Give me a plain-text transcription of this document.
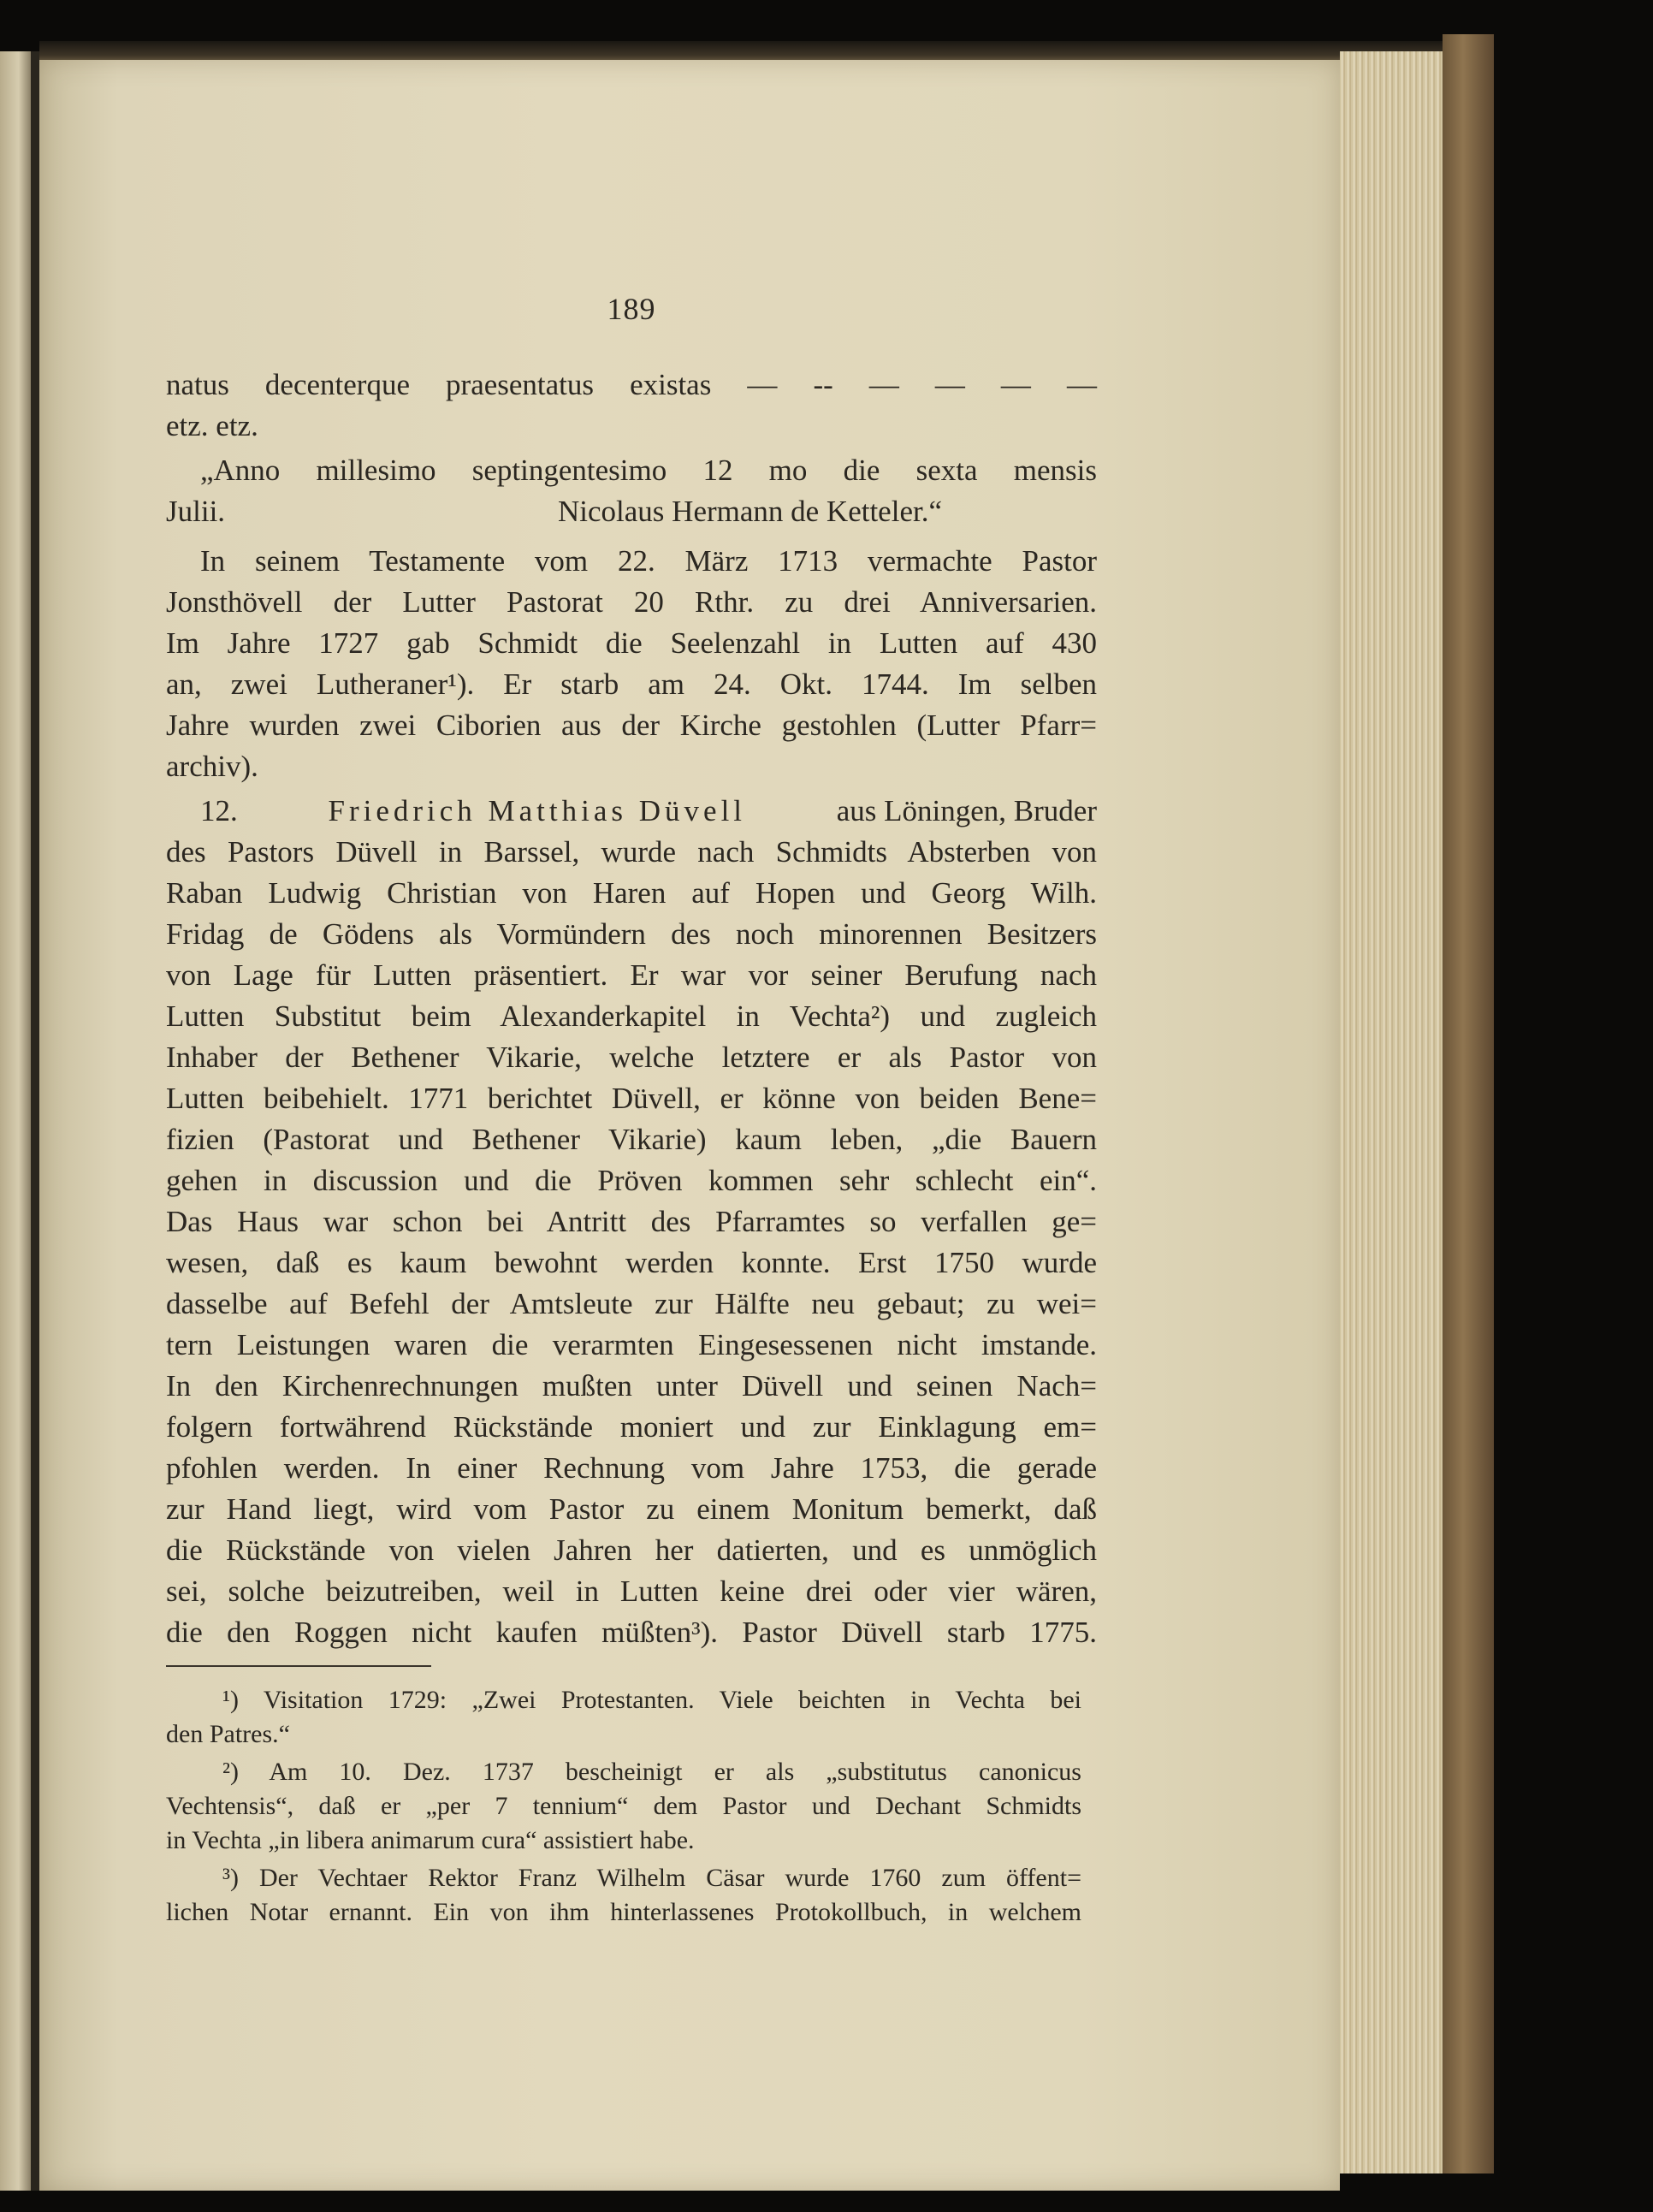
189
natus decenterque praesentatus existas — -- — — — —
etz. etz.
„Anno millesimo septingentesimo 12 mo die sexta mensis
Julii.	Nicolaus Hermann de Ketteler.“
In seinem Testamente vom 22. März 1713 vermachte Pastor
Jonsthövell der Lutter Pastorat 20 Rthr. zu drei Anniversarien.
Im Jahre 1727 gab Schmidt die Seelenzahl in Lutten auf 430
an, zwei Lutheraner¹). Er starb am 24. Okt. 1744. Im selben
Jahre wurden zwei Ciborien aus der Kirche gestohlen (Lutter Pfarr=
archiv).
12.	Friedrich Matthias Düvell	aus Löningen, Bruder
des Pastors Düvell in Barssel, wurde nach Schmidts Absterben von
Raban Ludwig Christian von Haren auf Hopen und Georg Wilh.
Fridag de Gödens als Vormündern des noch minorennen Besitzers
von Lage für Lutten präsentiert. Er war vor seiner Berufung nach
Lutten Substitut beim Alexanderkapitel in Vechta²) und zugleich
Inhaber der Bethener Vikarie, welche letztere er als Pastor von
Lutten beibehielt. 1771 berichtet Düvell, er könne von beiden Bene=
fizien (Pastorat und Bethener Vikarie) kaum leben, „die Bauern
gehen in discussion und die Pröven kommen sehr schlecht ein“.
Das Haus war schon bei Antritt des Pfarramtes so verfallen ge=
wesen, daß es kaum bewohnt werden konnte. Erst 1750 wurde
dasselbe auf Befehl der Amtsleute zur Hälfte neu gebaut; zu wei=
tern Leistungen waren die verarmten Eingesessenen nicht imstande.
In den Kirchenrechnungen mußten unter Düvell und seinen Nach=
folgern fortwährend Rückstände moniert und zur Einklagung em=
pfohlen werden. In einer Rechnung vom Jahre 1753, die gerade
zur Hand liegt, wird vom Pastor zu einem Monitum bemerkt, daß
die Rückstände von vielen Jahren her datierten, und es unmöglich
sei, solche beizutreiben, weil in Lutten keine drei oder vier wären,
die den Roggen nicht kaufen müßten³). Pastor Düvell starb 1775.
¹) Visitation 1729: „Zwei Protestanten. Viele beichten in Vechta bei
den Patres.“
²) Am 10. Dez. 1737 bescheinigt er als „substitutus canonicus
Vechtensis“, daß er „per 7 tennium“ dem Pastor und Dechant Schmidts
in Vechta „in libera animarum cura“ assistiert habe.
³) Der Vechtaer Rektor Franz Wilhelm Cäsar wurde 1760 zum öffent=
lichen Notar ernannt. Ein von ihm hinterlassenes Protokollbuch, in welchem
